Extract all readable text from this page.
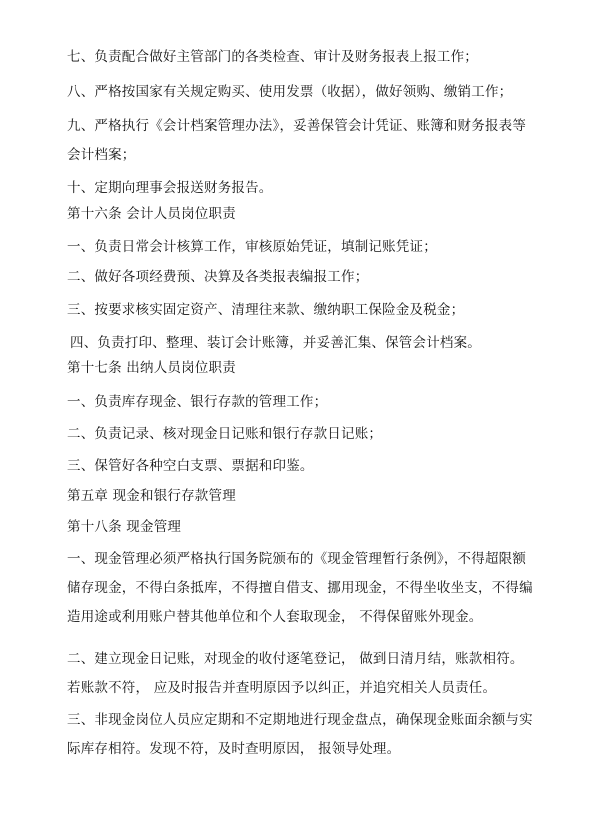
七、负责配合做好主管部门的各类检查、审计及财务报表上报工作；
八、严格按国家有关规定购买、使用发票（收据），做好领购、缴销工作；
九、严格执行《会计档案管理办法》，妥善保管会计凭证、账簿和财务报表等会计档案；
十、定期向理事会报送财务报告。
第十六条 会计人员岗位职责
一、负责日常会计核算工作，审核原始凭证，填制记账凭证；
二、做好各项经费预、决算及各类报表编报工作；
三、按要求核实固定资产、清理往来款、缴纳职工保险金及税金；
四、负责打印、整理、装订会计账簿，并妥善汇集、保管会计档案。
第十七条 出纳人员岗位职责
一、负责库存现金、银行存款的管理工作；
二、负责记录、核对现金日记账和银行存款日记账；
三、保管好各种空白支票、票据和印鉴。
第五章 现金和银行存款管理
第十八条 现金管理
一、现金管理必须严格执行国务院颁布的《现金管理暂行条例》，不得超限额储存现金，不得白条抵库，不得擅自借支、挪用现金，不得坐收坐支，不得编造用途或利用账户替其他单位和个人套取现金， 不得保留账外现金。
二、建立现金日记账，对现金的收付逐笔登记， 做到日清月结，账款相符。若账款不符， 应及时报告并查明原因予以纠正，并追究相关人员责任。
三、非现金岗位人员应定期和不定期地进行现金盘点，确保现金账面余额与实际库存相符。发现不符，及时查明原因， 报领导处理。
